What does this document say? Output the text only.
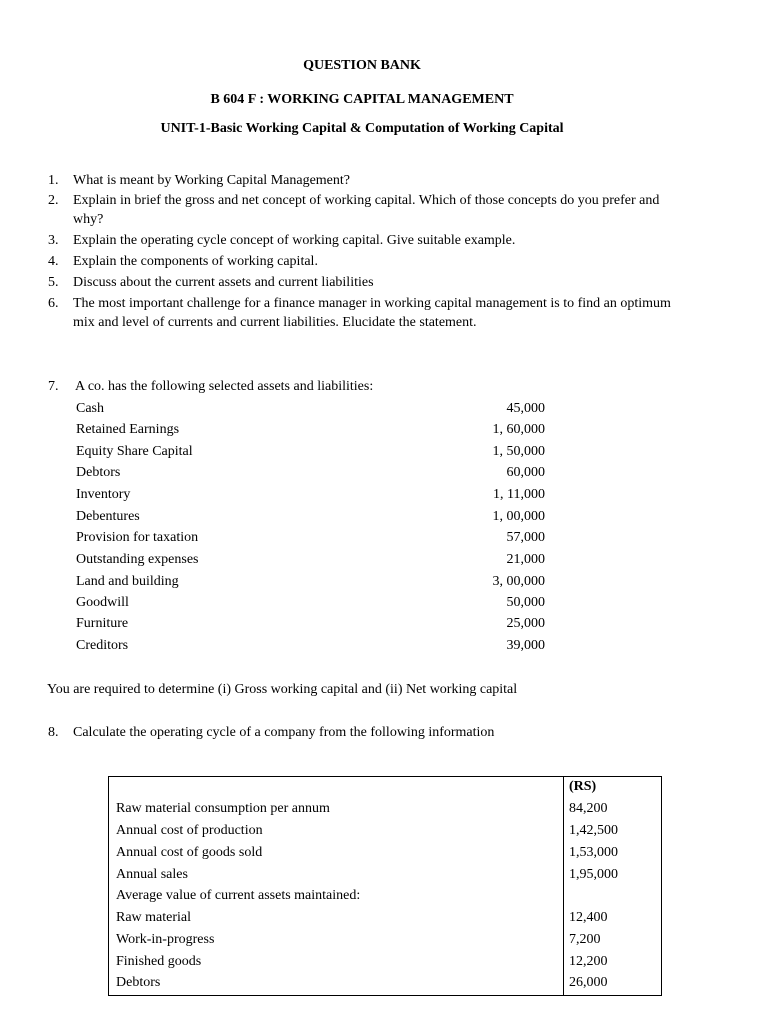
QUESTION BANK
B 604 F : WORKING CAPITAL MANAGEMENT
UNIT-1-Basic Working Capital & Computation of Working Capital
1. What is meant by Working Capital Management?
2. Explain in brief the gross and net concept of working capital. Which of those concepts do you prefer and why?
3. Explain the operating cycle concept of working capital. Give suitable example.
4. Explain the components of working capital.
5. Discuss about the current assets and current liabilities
6. The most important challenge for a finance manager in working capital management is to find an optimum mix and level of currents and current liabilities. Elucidate the statement.
7. A co. has the following selected assets and liabilities:
Cash	45,000
Retained Earnings	1, 60,000
Equity Share Capital	1, 50,000
Debtors	60,000
Inventory	1, 11,000
Debentures	1, 00,000
Provision for taxation	57,000
Outstanding expenses	21,000
Land and building	3, 00,000
Goodwill	50,000
Furniture	25,000
Creditors	39,000
You are required to determine (i) Gross working capital and (ii) Net working capital
8. Calculate the operating cycle of a company from the following information
(RS)
Raw material consumption per annum	84,200
Annual cost of production	1,42,500
Annual cost of goods sold	1,53,000
Annual sales	1,95,000
Average value of current assets maintained:
Raw material	12,400
Work-in-progress	7,200
Finished goods	12,200
Debtors	26,000
